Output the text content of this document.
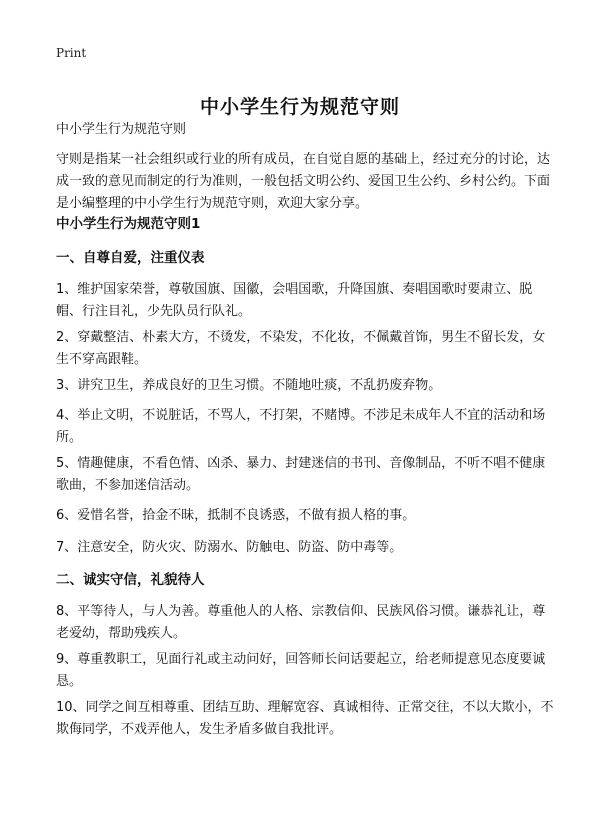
Print
中小学生行为规范守则

中小学生行为规范守则

守则是指某一社会组织或行业的所有成员，在自觉自愿的基础上，经过充分的讨论，达成一致的意见而制定的行为准则，一般包括文明公约、爱国卫生公约、乡村公约。下面是小编整理的中小学生行为规范守则，欢迎大家分享。

中小学生行为规范守则1
一、自尊自爱，注重仪表

1、维护国家荣誉，尊敬国旗、国徽，会唱国歌，升降国旗、奏唱国歌时要肃立、脱帽、行注目礼，少先队员行队礼。

2、穿戴整洁、朴素大方，不烫发，不染发，不化妆，不佩戴首饰，男生不留长发，女生不穿高跟鞋。

3、讲究卫生，养成良好的卫生习惯。不随地吐痰，不乱扔废弃物。

4、举止文明，不说脏话，不骂人，不打架，不赌博。不涉足未成年人不宜的活动和场所。

5、情趣健康，不看色情、凶杀、暴力、封建迷信的书刊、音像制品，不听不唱不健康歌曲，不参加迷信活动。

6、爱惜名誉，拾金不昧，抵制不良诱惑，不做有损人格的事。

7、注意安全，防火灾、防溺水、防触电、防盗、防中毒等。

二、诚实守信，礼貌待人

8、平等待人，与人为善。尊重他人的人格、宗教信仰、民族风俗习惯。谦恭礼让，尊老爱幼，帮助残疾人。

9、尊重教职工，见面行礼或主动问好，回答师长问话要起立，给老师提意见态度要诚恳。

10、同学之间互相尊重、团结互助、理解宽容、真诚相待、正常交往，不以大欺小，不欺侮同学，不戏弄他人，发生矛盾多做自我批评。
